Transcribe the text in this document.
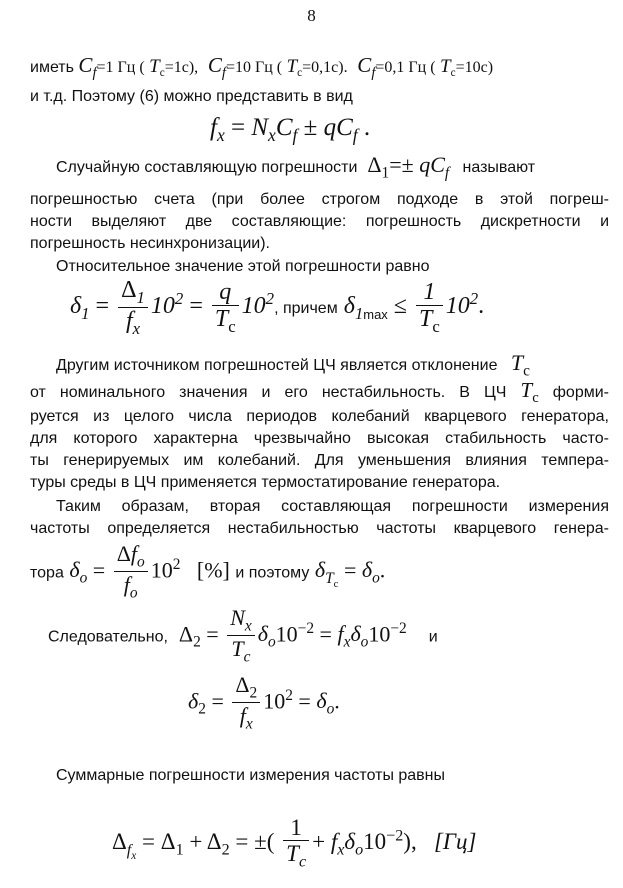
8
иметь $C_f=1$ Гц ( $T_c=1с$),  $C_f=10$ Гц ( $T_c=0,1с$).  $C_f=0,1$ Гц ( $T_c=10с$)
и т.д. Поэтому (6) можно представить в вид
$f_x = N_xC_f \pm qC_f$ .
Случайную составляющую погрешности  $\Delta_1=\pm qC_f$ называют
погрешностью счета (при более строгом подходе в этой погреш-
ности выделяют две составляющие: погрешность дискретности и
погрешность несинхронизации).
Относительное значение этой погрешности равно
$\delta_1 = \frac{\Delta_1}{f_x} 10^2 = \frac{q}{T_c} 10^2$, причем $\delta_{1max} \le \frac{1}{T_c} 10^2$.
Другим источником погрешностей ЦЧ является отклонение $T_c$
от номинального значения и его нестабильность. В ЦЧ $T_c$ форми-
руется из целого числа периодов колебаний кварцевого генератора,
для которого характерна чрезвычайно высокая стабильность часто-
ты генерируемых им колебаний. Для уменьшения влияния темпера-
туры среды в ЦЧ применяется термостатирование генератора.
Таким образам, вторая составляющая погрешности измерения
частоты определяется нестабильностью частоты кварцевого генера-
тора $\delta_o = \frac{\Delta f_o}{f_o} 10^2$ [%] и поэтому $\delta_{T_c} = \delta_o$.
Следовательно,  $\Delta_2 = \frac{N_x}{T_c} \delta_o10^{-2} = f_x\delta_o10^{-2}$ и
$\delta_2 = \frac{\Delta_2}{f_x} 10^2 = \delta_o$.
Суммарные погрешности измерения частоты равны
$\Delta_{f_x} = \Delta_1 + \Delta_2$ = ±( $\frac{1}{T_c} + f_x\delta_o10^{-2}$),   [Гц]
